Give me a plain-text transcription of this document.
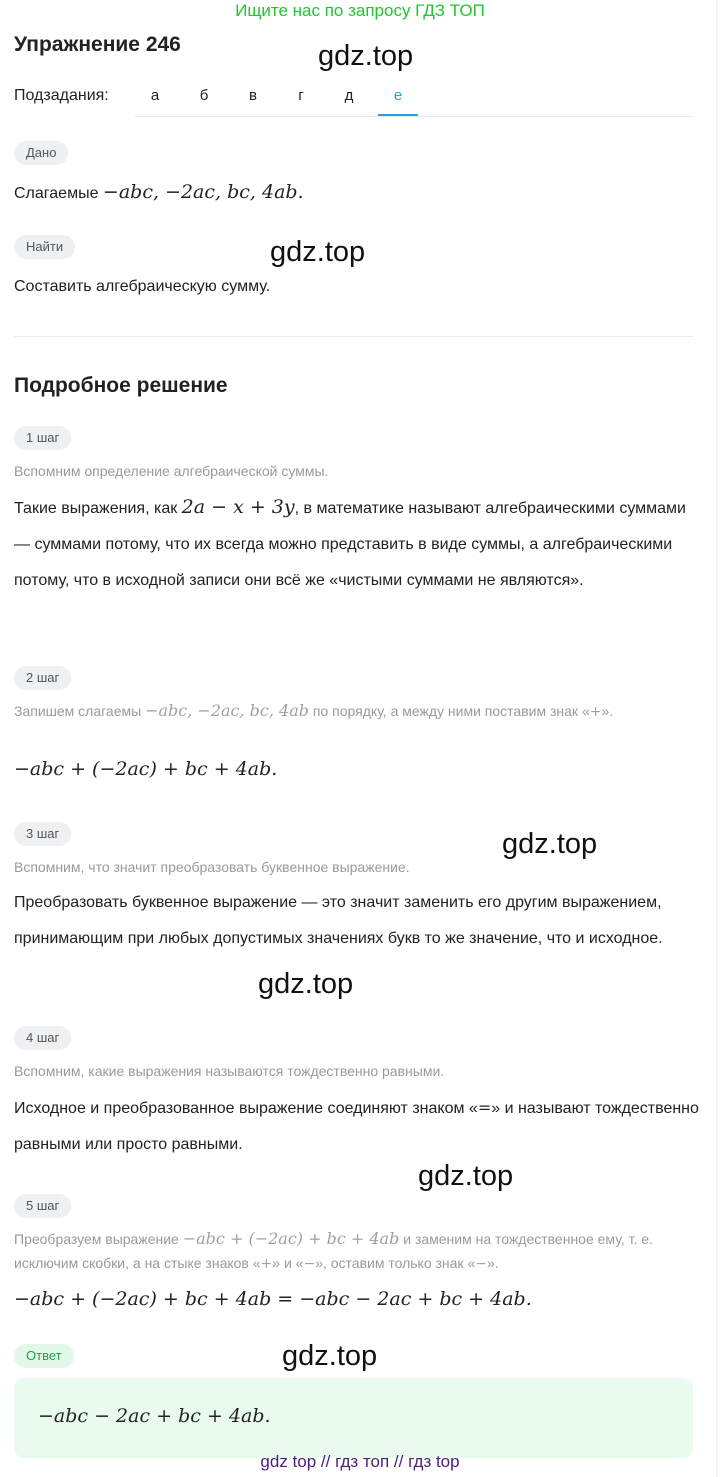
Ищите нас по запросу ГДЗ ТОП
Упражнение 246
Подзадания:	а	б	в	г	д	е
Дано
Слагаемые −abc, −2ac, bc, 4ab.
Найти
Составить алгебраическую сумму.
Подробное решение
1 шаг
Вспомним определение алгебраической суммы.
Такие выражения, как 2a − x + 3y, в математике называют алгебраическими суммами — суммами потому, что их всегда можно представить в виде суммы, а алгебраическими потому, что в исходной записи они всё же «чистыми суммами не являются».
2 шаг
Запишем слагаемы −abc, −2ac, bc, 4ab по порядку, а между ними поставим знак «+».
−abc + (−2ac) + bc + 4ab.
3 шаг
Вспомним, что значит преобразовать буквенное выражение.
Преобразовать буквенное выражение — это значит заменить его другим выражением, принимающим при любых допустимых значениях букв то же значение, что и исходное.
4 шаг
Вспомним, какие выражения называются тождественно равными.
Исходное и преобразованное выражение соединяют знаком «=» и называют тождественно равными или просто равными.
5 шаг
Преобразуем выражение −abc + (−2ac) + bc + 4ab и заменим на тождественное ему, т. е. исключим скобки, а на стыке знаков «+» и «−», оставим только знак «−».
−abc + (−2ac) + bc + 4ab = −abc − 2ac + bc + 4ab.
Ответ
−abc − 2ac + bc + 4ab.
gdz.top
gdz.top
gdz.top
gdz.top
gdz.top
gdz.top
gdz top // гдз топ // гдз top
